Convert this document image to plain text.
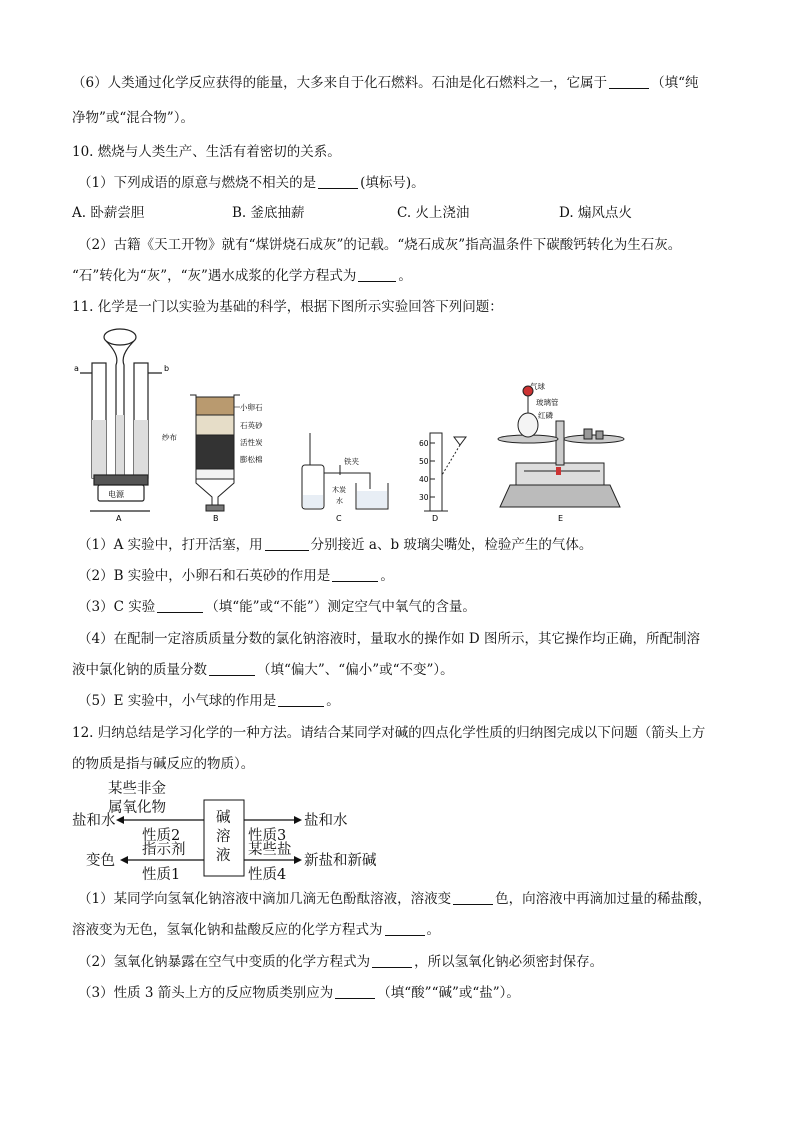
（6）人类通过化学反应获得的能量，大多来自于化石燃料。石油是化石燃料之一，它属于	（填“纯
净物”或“混合物”）。
10. 燃烧与人类生产、生活有着密切的关系。
（1）下列成语的原意与燃烧不相关的是	(填标号)。
A. 卧薪尝胆	B. 釜底抽薪	C. 火上浇油	D. 煽风点火
（2）古籍《天工开物》就有“煤饼烧石成灰”的记载。“烧石成灰”指高温条件下碳酸钙转化为生石灰。
“石”转化为“灰”，“灰”遇水成浆的化学方程式为	。
11. 化学是一门以实验为基础的科学，根据下图所示实验回答下列问题：
a	b
电源
A
小卵石
石英砂
活性炭
膨松棉
纱布
B
铁夹
木炭
水
C
60
50
40
30
D
气球
玻璃管
红磷
E
（1）A 实验中，打开活塞，用	分别接近 a、b 玻璃尖嘴处，检验产生的气体。
（2）B 实验中，小卵石和石英砂的作用是	。
（3）C 实验	（填“能”或“不能”）测定空气中氧气的含量。
（4）在配制一定溶质质量分数的氯化钠溶液时，量取水的操作如 D 图所示，其它操作均正确，所配制溶
液中氯化钠的质量分数	（填“偏大”、“偏小”或“不变”）。
（5）E 实验中，小气球的作用是	。
12. 归纳总结是学习化学的一种方法。请结合某同学对碱的四点化学性质的归纳图完成以下问题（箭头上方
的物质是指与碱反应的物质）。
碱
溶
液
某些非金
属氧化物
盐和水
性质2
指示剂
变色
性质1
盐和水
性质3
某些盐
新盐和新碱
性质4
（1）某同学向氢氧化钠溶液中滴加几滴无色酚酞溶液，溶液变	色，向溶液中再滴加过量的稀盐酸，
溶液变为无色，氢氧化钠和盐酸反应的化学方程式为	。
（2）氢氧化钠暴露在空气中变质的化学方程式为	，所以氢氧化钠必须密封保存。
（3）性质 3 箭头上方的反应物质类别应为	（填“酸”“碱”或“盐”）。
